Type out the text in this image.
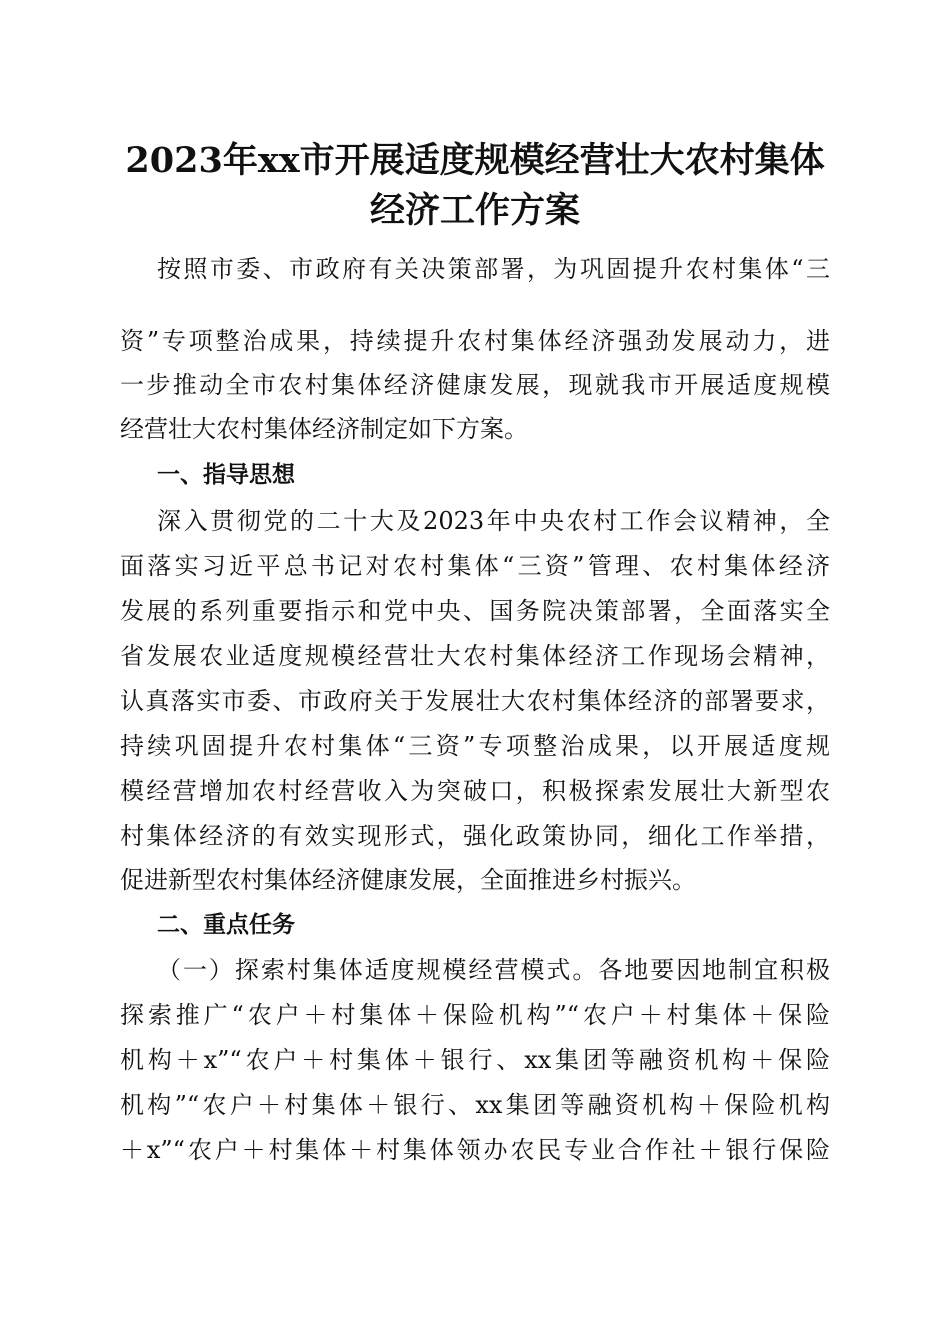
2023年xx市开展适度规模经营壮大农村集体
经济工作方案
按照市委、市政府有关决策部署，为巩固提升农村集体“三
资”专项整治成果，持续提升农村集体经济强劲发展动力，进
一步推动全市农村集体经济健康发展，现就我市开展适度规模
经营壮大农村集体经济制定如下方案。
一、指导思想
深入贯彻党的二十大及2023年中央农村工作会议精神，全
面落实习近平总书记对农村集体“三资”管理、农村集体经济
发展的系列重要指示和党中央、国务院决策部署，全面落实全
省发展农业适度规模经营壮大农村集体经济工作现场会精神，
认真落实市委、市政府关于发展壮大农村集体经济的部署要求，
持续巩固提升农村集体“三资”专项整治成果，以开展适度规
模经营增加农村经营收入为突破口，积极探索发展壮大新型农
村集体经济的有效实现形式，强化政策协同，细化工作举措，
促进新型农村集体经济健康发展，全面推进乡村振兴。
二、重点任务
（一）探索村集体适度规模经营模式。各地要因地制宜积极
探索推广“农户＋村集体＋保险机构”“农户＋村集体＋保险
机构＋x”“农户＋村集体＋银行、xx集团等融资机构＋保险
机构”“农户＋村集体＋银行、xx集团等融资机构＋保险机构
＋x”“农户＋村集体＋村集体领办农民专业合作社＋银行保险
